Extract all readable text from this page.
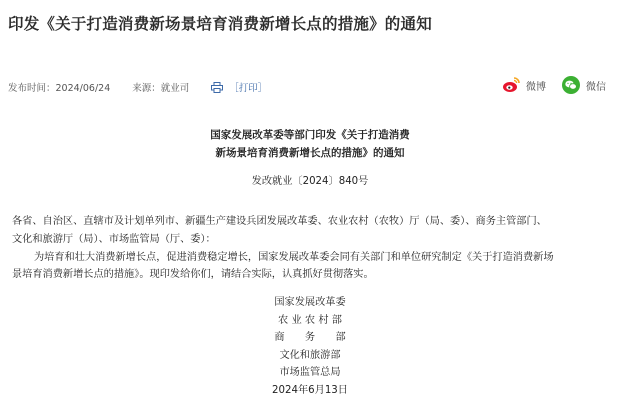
印发《关于打造消费新场景培育消费新增长点的措施》的通知
发布时间：2024/06/24 来源：就业司	［打印］	微博	微信
国家发展改革委等部门印发《关于打造消费
新场景培育消费新增长点的措施》的通知
发改就业〔2024〕840号
各省、自治区、直辖市及计划单列市、新疆生产建设兵团发展改革委、农业农村（农牧）厅（局、委）、商务主管部门、
文化和旅游厅（局）、市场监管局（厅、委）：
为培育和壮大消费新增长点，促进消费稳定增长，国家发展改革委会同有关部门和单位研究制定《关于打造消费新场
景培育消费新增长点的措施》。现印发给你们，请结合实际，认真抓好贯彻落实。
国家发展改革委
农 业 农 村 部
商　　务　　部
文化和旅游部
市场监管总局
2024年6月13日
